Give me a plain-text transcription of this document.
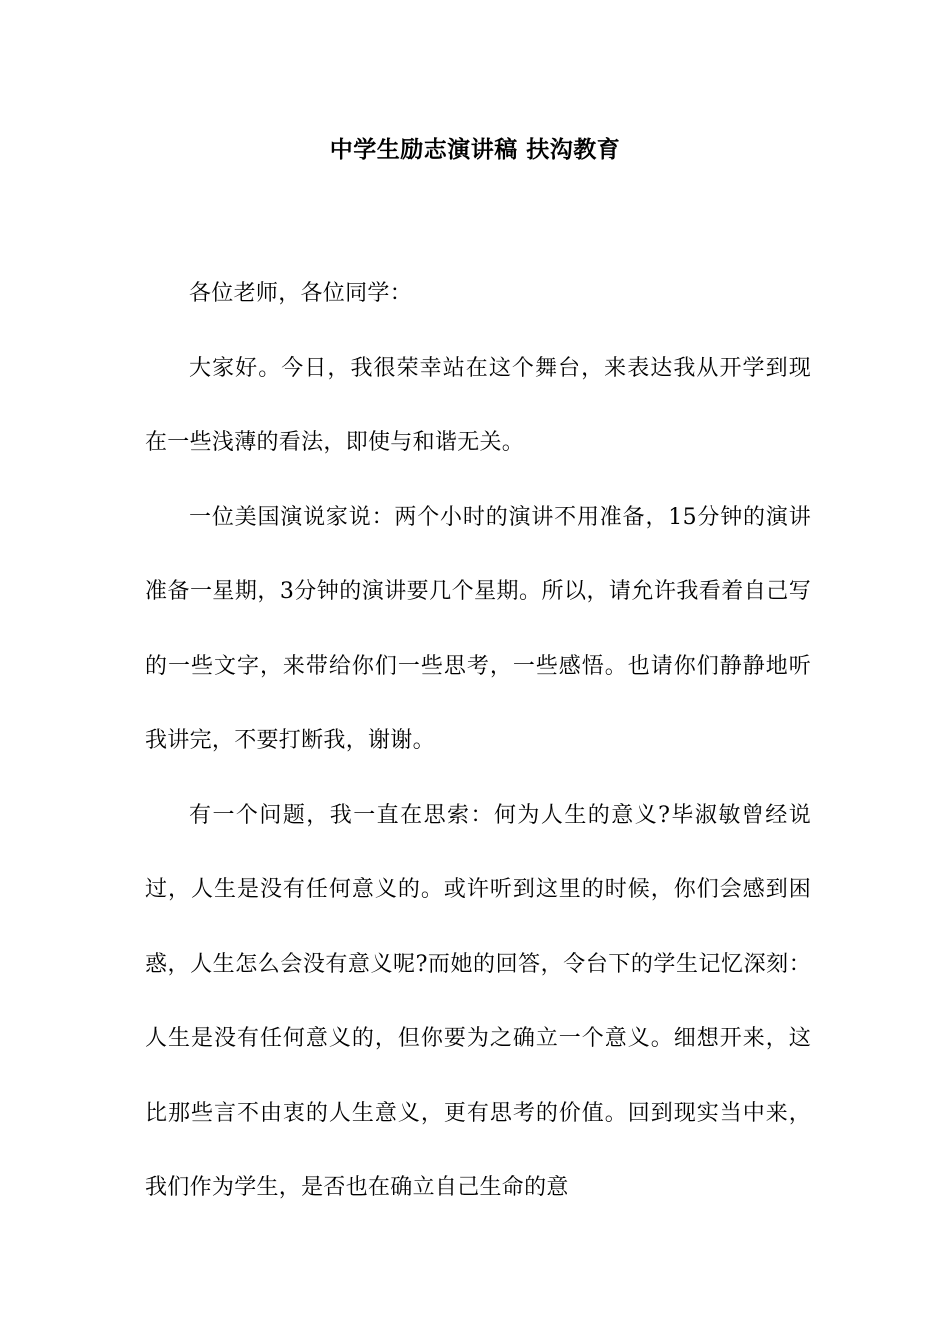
中学生励志演讲稿 扶沟教育

各位老师，各位同学：

大家好。今日，我很荣幸站在这个舞台，来表达我从开学到现在一些浅薄的看法，即使与和谐无关。

一位美国演说家说：两个小时的演讲不用准备，15分钟的演讲准备一星期，3分钟的演讲要几个星期。所以，请允许我看着自己写的一些文字，来带给你们一些思考，一些感悟。也请你们静静地听我讲完，不要打断我，谢谢。

有一个问题，我一直在思索：何为人生的意义?毕淑敏曾经说过，人生是没有任何意义的。或许听到这里的时候，你们会感到困惑，人生怎么会没有意义呢?而她的回答，令台下的学生记忆深刻：人生是没有任何意义的，但你要为之确立一个意义。细想开来，这比那些言不由衷的人生意义，更有思考的价值。回到现实当中来，我们作为学生，是否也在确立自己生命的意
